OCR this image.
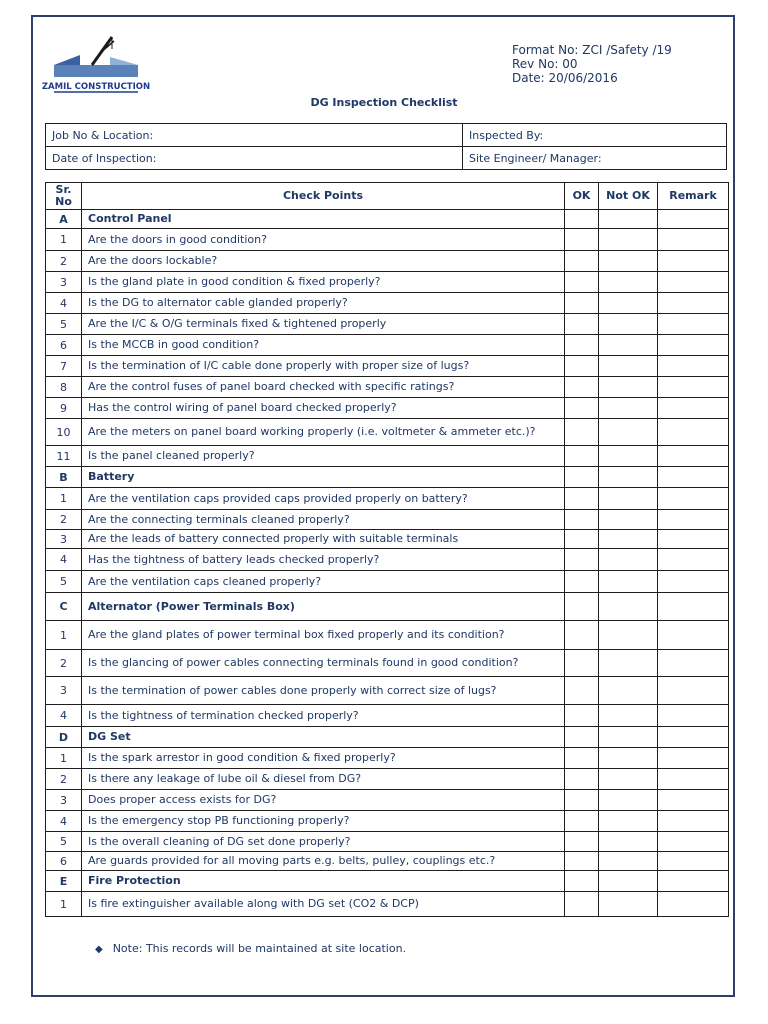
ZAMIL CONSTRUCTION
Format No: ZCI /Safety /19
Rev No: 00
Date: 20/06/2016
DG Inspection Checklist
Job No & Location:	Inspected By:
Date of Inspection:	Site Engineer/ Manager:
Sr.
No	Check Points	OK	Not OK	Remark
A	Control Panel			
1	Are the doors in good condition?			
2	Are the doors lockable?			
3	Is the gland plate in good condition & fixed properly?			
4	Is the DG to alternator cable glanded properly?			
5	Are the I/C & O/G terminals fixed & tightened properly			
6	Is the MCCB in good condition?			
7	Is the termination of I/C cable done properly with proper size of lugs?			
8	Are the control fuses of panel board checked with specific ratings?			
9	Has the control wiring of panel board checked properly?			
10	Are the meters on panel board working properly (i.e. voltmeter & ammeter etc.)?			
11	Is the panel cleaned properly?			
B	Battery			
1	Are the ventilation caps provided caps provided properly on battery?			
2	Are the connecting terminals cleaned properly?			
3	Are the leads of battery connected properly with suitable terminals			
4	Has the tightness of battery leads checked properly?			
5	Are the ventilation caps cleaned properly?			
C	Alternator (Power Terminals Box)			
1	Are the gland plates of power terminal box fixed properly and its condition?			
2	Is the glancing of power cables connecting terminals found in good condition?			
3	Is the termination of power cables done properly with correct size of lugs?			
4	Is the tightness of termination checked properly?			
D	DG Set			
1	Is the spark arrestor in good condition & fixed properly?			
2	Is there any leakage of lube oil & diesel from DG?			
3	Does proper access exists for DG?			
4	Is the emergency stop PB functioning properly?			
5	Is the overall cleaning of DG set done properly?			
6	Are guards provided for all moving parts e.g. belts, pulley, couplings etc.?			
E	Fire Protection			
1	Is fire extinguisher available along with DG set (CO2 & DCP)			
◆ Note: This records will be maintained at site location.
